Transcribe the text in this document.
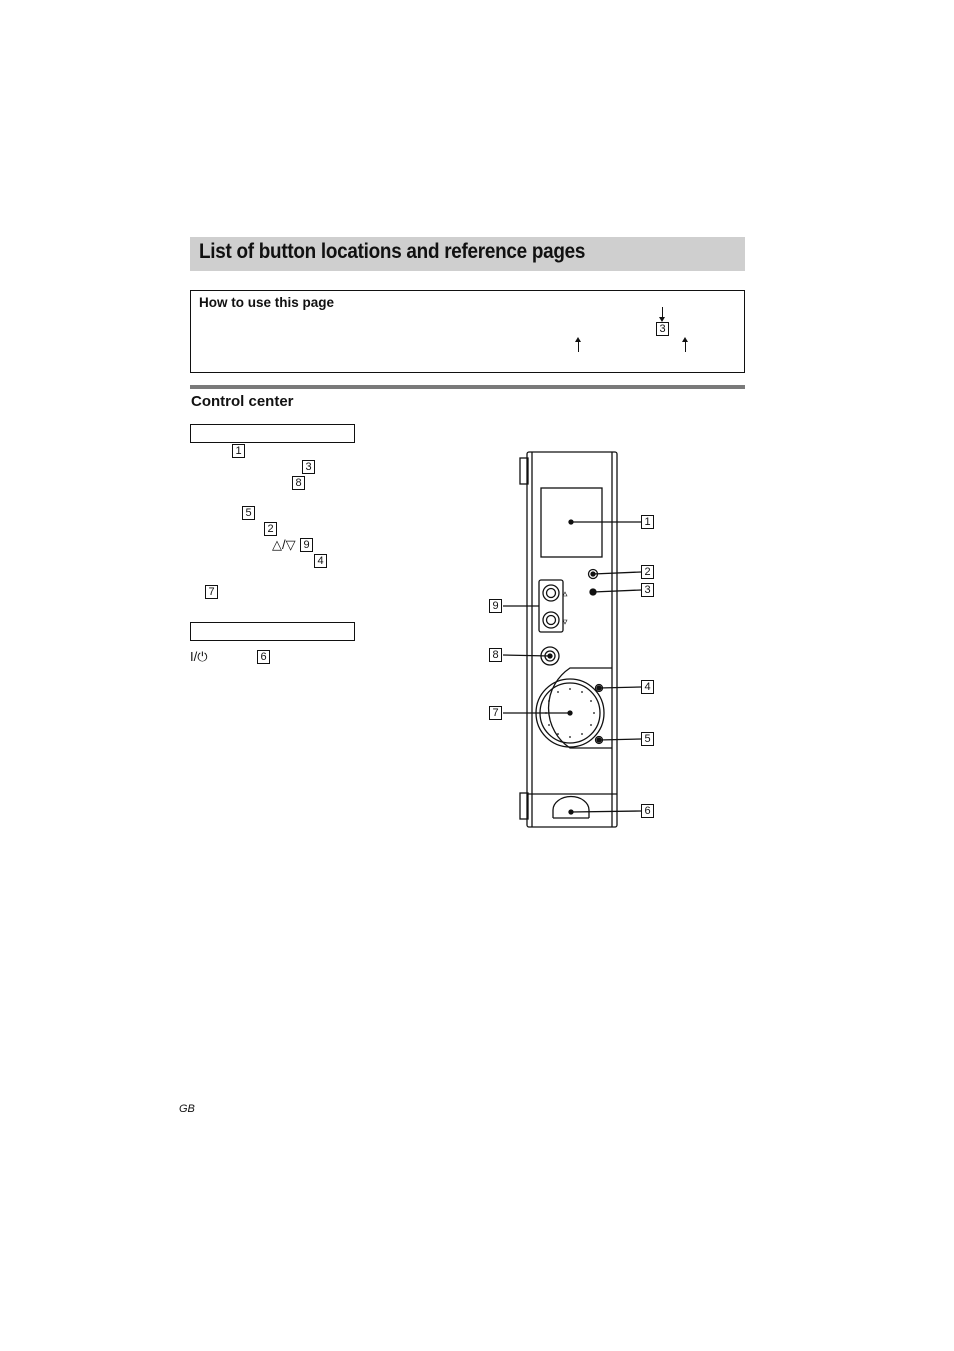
List of button locations and reference pages
How to use this page
3
Control center
1
3
8
5
2
△/▽ 9
4
7
I/⏻	6
1
2
3
4
5
6
7
8
9
GB
